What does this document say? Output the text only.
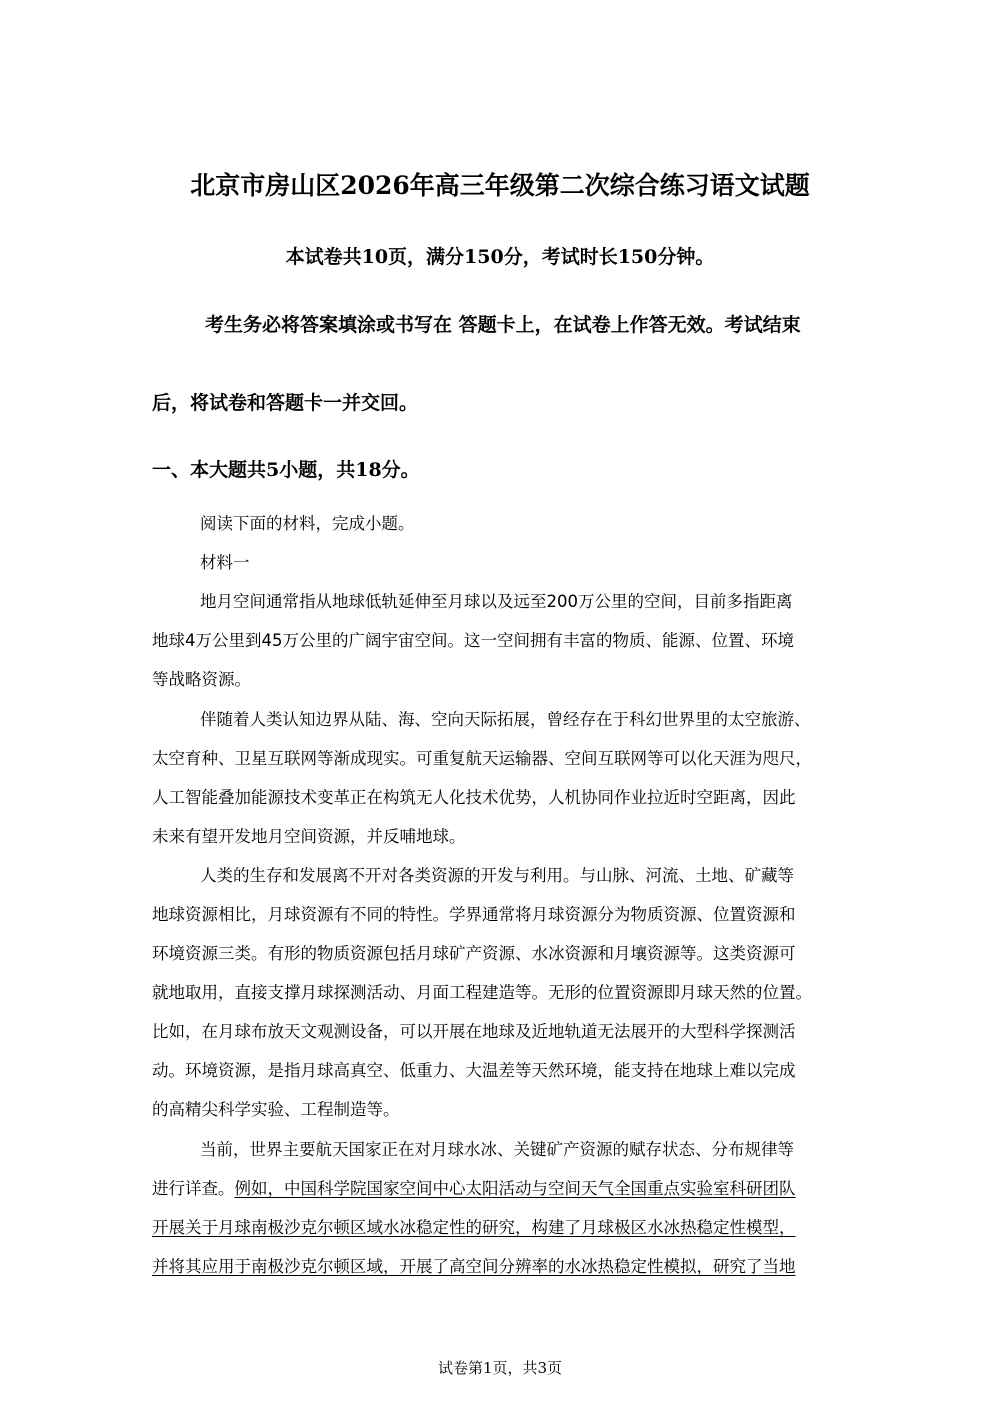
北京市房山区2026年高三年级第二次综合练习语文试题
本试卷共10页，满分150分，考试时长150分钟。
考生务必将答案填涂或书写在 答题卡上，在试卷上作答无效。考试结束
后，将试卷和答题卡一并交回。
一、本大题共5小题，共18分。
阅读下面的材料，完成小题。
材料一
地月空间通常指从地球低轨延伸至月球以及远至200万公里的空间，目前多指距离
地球4万公里到45万公里的广阔宇宙空间。这一空间拥有丰富的物质、能源、位置、环境
等战略资源。
伴随着人类认知边界从陆、海、空向天际拓展，曾经存在于科幻世界里的太空旅游、
太空育种、卫星互联网等渐成现实。可重复航天运输器、空间互联网等可以化天涯为咫尺，
人工智能叠加能源技术变革正在构筑无人化技术优势，人机协同作业拉近时空距离，因此
未来有望开发地月空间资源，并反哺地球。
人类的生存和发展离不开对各类资源的开发与利用。与山脉、河流、土地、矿藏等
地球资源相比，月球资源有不同的特性。学界通常将月球资源分为物质资源、位置资源和
环境资源三类。有形的物质资源包括月球矿产资源、水冰资源和月壤资源等。这类资源可
就地取用，直接支撑月球探测活动、月面工程建造等。无形的位置资源即月球天然的位置。
比如，在月球布放天文观测设备，可以开展在地球及近地轨道无法展开的大型科学探测活
动。环境资源，是指月球高真空、低重力、大温差等天然环境，能支持在地球上难以完成
的高精尖科学实验、工程制造等。
当前，世界主要航天国家正在对月球水冰、关键矿产资源的赋存状态、分布规律等
进行详查。例如，中国科学院国家空间中心太阳活动与空间天气全国重点实验室科研团队
开展关于月球南极沙克尔顿区域水冰稳定性的研究，构建了月球极区水冰热稳定性模型，
并将其应用于南极沙克尔顿区域，开展了高空间分辨率的水冰热稳定性模拟，研究了当地
试卷第1页，共3页
